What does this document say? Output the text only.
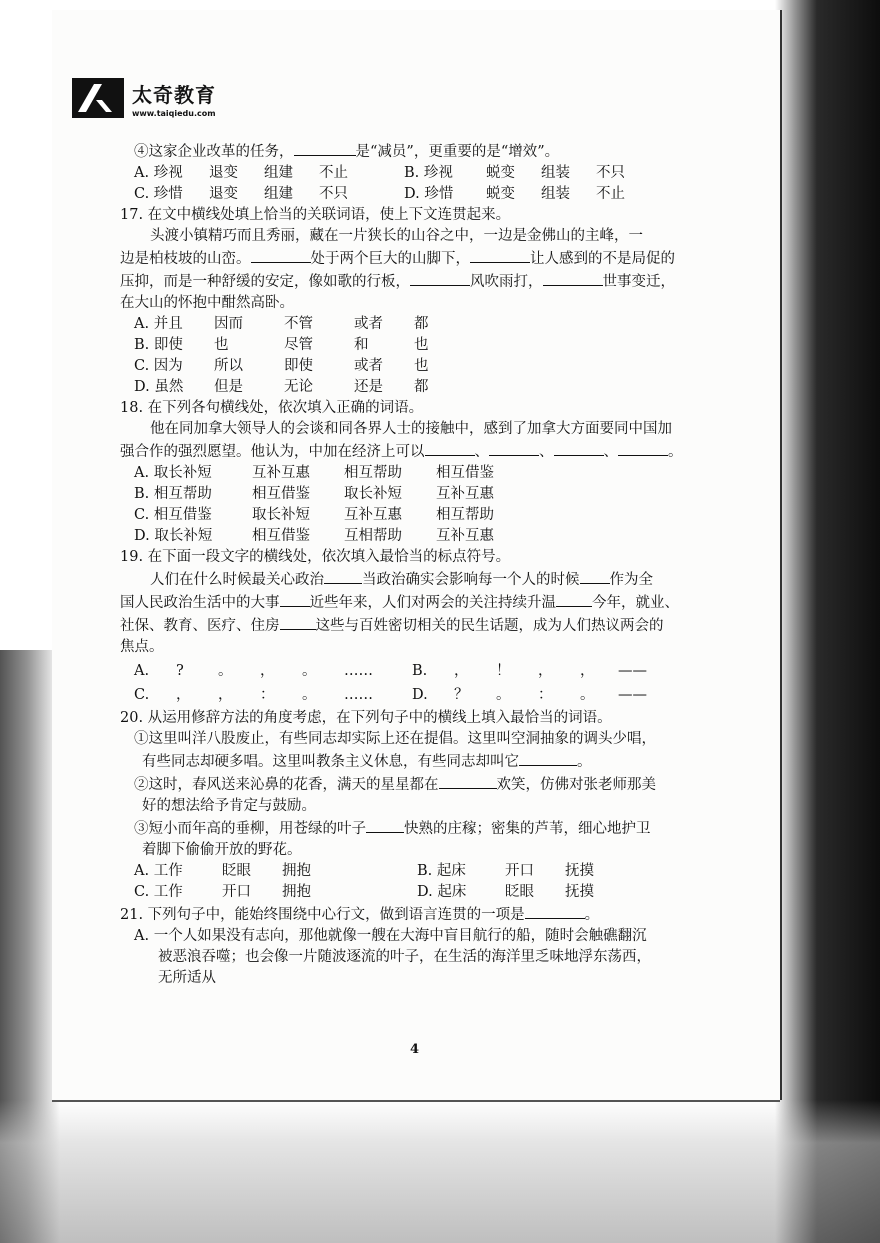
太奇教育
www.taiqiedu.com
④这家企业改革的任务，	是“减员”，更重要的是“增效”。
A. 珍视	退变	组建	不止	B. 珍视	蜕变	组装	不只
C. 珍惜	退变	组建	不只	D. 珍惜	蜕变	组装	不止
17. 在文中横线处填上恰当的关联词语，使上下文连贯起来。
头渡小镇精巧而且秀丽，藏在一片狭长的山谷之中，一边是金佛山的主峰，一
边是柏枝坡的山峦。	处于两个巨大的山脚下，	让人感到的不是局促的
压抑，而是一种舒缓的安定，像如歌的行板，	风吹雨打，	世事变迁，
在大山的怀抱中酣然高卧。
A. 并且	因而	不管	或者	都
B. 即使	也	尽管	和	也
C. 因为	所以	即使	或者	也
D. 虽然	但是	无论	还是	都
18. 在下列各句横线处，依次填入正确的词语。
他在同加拿大领导人的会谈和同各界人士的接触中，感到了加拿大方面要同中国加
强合作的强烈愿望。他认为，中加在经济上可以	、	、	、	。
A. 取长补短	互补互惠	相互帮助	相互借鉴
B. 相互帮助	相互借鉴	取长补短	互补互惠
C. 相互借鉴	取长补短	互补互惠	相互帮助
D. 取长补短	相互借鉴	互相帮助	互补互惠
19. 在下面一段文字的横线处，依次填入最恰当的标点符号。
人们在什么时候最关心政治	当政治确实会影响每一个人的时候 作为全
国人民政治生活中的大事 近些年来，人们对两会的关注持续升温 今年，就业、
社保、教育、医疗、住房 这些与百姓密切相关的民生话题，成为人们热议两会的
焦点。
A.	?	。	，	。	……	B.	，	！	，	，	——
C.	，	，	：	。	……	D.	？	。	：	。	——
20. 从运用修辞方法的角度考虑，在下列句子中的横线上填入最恰当的词语。
①这里叫洋八股废止，有些同志却实际上还在提倡。这里叫空洞抽象的调头少唱，
有些同志却硬多唱。这里叫教条主义休息，有些同志却叫它	。
②这时，春风送来沁鼻的花香，满天的星星都在	欢笑，仿佛对张老师那美
好的想法给予肯定与鼓励。
③短小而年高的垂柳，用苍绿的叶子	快熟的庄稼；密集的芦苇，细心地护卫
着脚下偷偷开放的野花。
A. 工作	眨眼	拥抱	B. 起床	开口	抚摸
C. 工作	开口	拥抱	D. 起床	眨眼	抚摸
21. 下列句子中，能始终围绕中心行文，做到语言连贯的一项是	。
A. 一个人如果没有志向，那他就像一艘在大海中盲目航行的船，随时会触礁翻沉
被恶浪吞噬；也会像一片随波逐流的叶子，在生活的海洋里乏味地浮东荡西，
无所适从
4
